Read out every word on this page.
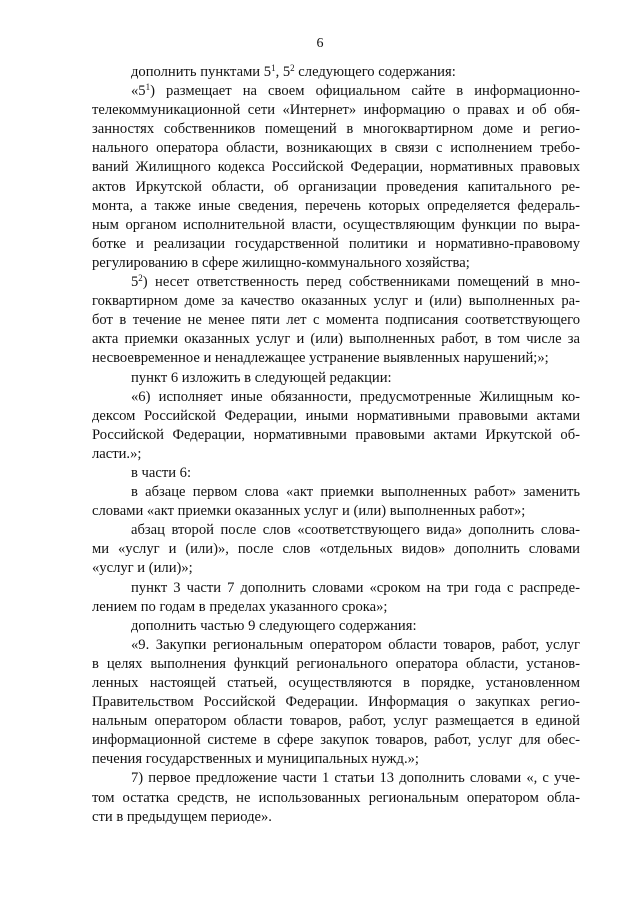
6
дополнить пунктами $5^1$, $5^2$ следующего содержания:
«$5^1$) размещает на своем официальном сайте в информационно-
телекоммуникационной сети «Интернет» информацию о правах и об обя-
занностях собственников помещений в многоквартирном доме и регио-
нального оператора области, возникающих в связи с исполнением требо-
ваний Жилищного кодекса Российской Федерации, нормативных правовых
актов Иркутской области, об организации проведения капитального ре-
монта, а также иные сведения, перечень которых определяется федераль-
ным органом исполнительной власти, осуществляющим функции по выра-
ботке и реализации государственной политики и нормативно-правовому
регулированию в сфере жилищно-коммунального хозяйства;
$5^2$) несет ответственность перед собственниками помещений в мно-
гоквартирном доме за качество оказанных услуг и (или) выполненных ра-
бот в течение не менее пяти лет с момента подписания соответствующего
акта приемки оказанных услуг и (или) выполненных работ, в том числе за
несвоевременное и ненадлежащее устранение выявленных нарушений;»;
пункт 6 изложить в следующей редакции:
«6) исполняет иные обязанности, предусмотренные Жилищным ко-
дексом Российской Федерации, иными нормативными правовыми актами
Российской Федерации, нормативными правовыми актами Иркутской об-
ласти.»;
в части 6:
в абзаце первом слова «акт приемки выполненных работ» заменить
словами «акт приемки оказанных услуг и (или) выполненных работ»;
абзац второй после слов «соответствующего вида» дополнить слова-
ми «услуг и (или)», после слов «отдельных видов» дополнить словами
«услуг и (или)»;
пункт 3 части 7 дополнить словами «сроком на три года с распреде-
лением по годам в пределах указанного срока»;
дополнить частью 9 следующего содержания:
«9. Закупки региональным оператором области товаров, работ, услуг
в целях выполнения функций регионального оператора области, установ-
ленных настоящей статьей, осуществляются в порядке, установленном
Правительством Российской Федерации. Информация о закупках регио-
нальным оператором области товаров, работ, услуг размещается в единой
информационной системе в сфере закупок товаров, работ, услуг для обес-
печения государственных и муниципальных нужд.»;
7) первое предложение части 1 статьи 13 дополнить словами «, с уче-
том остатка средств, не использованных региональным оператором обла-
сти в предыдущем периоде».
